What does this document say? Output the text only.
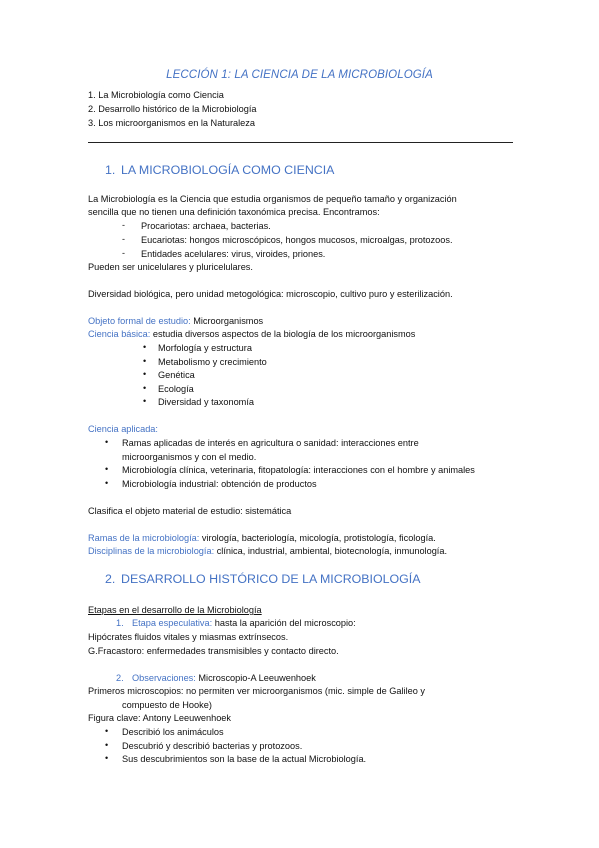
LECCIÓN 1: LA CIENCIA DE LA MICROBIOLOGÍA
1. La Microbiología como Ciencia
2. Desarrollo histórico de la Microbiología
3. Los microorganismos en la Naturaleza
1. LA MICROBIOLOGÍA COMO CIENCIA
La Microbiología es la Ciencia que estudia organismos de pequeño tamaño y organización
sencilla que no tienen una definición taxonómica precisa. Encontramos:
- Procariotas: archaea, bacterias.
- Eucariotas: hongos microscópicos, hongos mucosos, microalgas, protozoos.
- Entidades acelulares: virus, viroides, priones.
Pueden ser unicelulares y pluricelulares.
Diversidad biológica, pero unidad metogológica: microscopio, cultivo puro y esterilización.
Objeto formal de estudio: Microorganismos
Ciencia básica: estudia diversos aspectos de la biología de los microorganismos
•
Morfología y estructura
•
Metabolismo y crecimiento
•
Genética
•
Ecología
•
Diversidad y taxonomía
Ciencia aplicada:
•
Ramas aplicadas de interés en agricultura o sanidad: interacciones entre
microorganismos y con el medio.
•
Microbiología clínica, veterinaria, fitopatología: interacciones con el hombre y animales
•
Microbiología industrial: obtención de productos
Clasifica el objeto material de estudio: sistemática
Ramas de la microbiología: virología, bacteriología, micología, protistología, ficología.
Disciplinas de la microbiología: clínica, industrial, ambiental, biotecnología, inmunología.
2. DESARROLLO HISTÓRICO DE LA MICROBIOLOGÍA
Etapas en el desarrollo de la Microbiología
1. Etapa especulativa: hasta la aparición del microscopio:
Hipócrates fluidos vitales y miasmas extrínsecos.
G.Fracastoro: enfermedades transmisibles y contacto directo.
2. Observaciones: Microscopio-A Leeuwenhoek
Primeros microscopios: no permiten ver microorganismos (mic. simple de Galileo y
compuesto de Hooke)
Figura clave: Antony Leeuwenhoek
•
Describió los animáculos
•
Descubrió y describió bacterias y protozoos.
•
Sus descubrimientos son la base de la actual Microbiología.
